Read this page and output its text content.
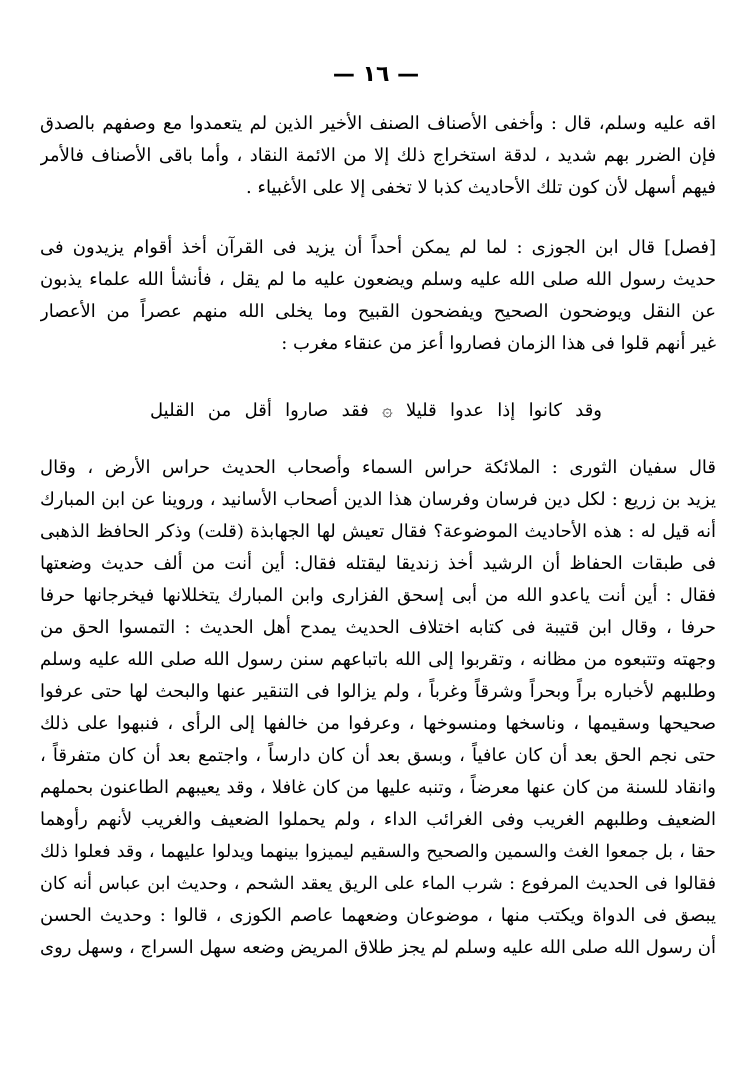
— ١٦ —
اقه عليه وسلم، قال : وأخفى الأصناف الصنف الأخير الذين لم يتعمدوا مع وصفهم بالصدق
فإن الضرر بهم شديد ، لدقة استخراج ذلك إلا من الائمة النقاد ، وأما باقى الأصناف فالأمر
فيهم أسهل لأن كون تلك الأحاديث كذبا لا تخفى إلا على الأغبياء .
[فصل] قال ابن الجوزى : لما لم يمكن أحداً أن يزيد فى القرآن أخذ أقوام يزيدون فى
حديث رسول الله صلى الله عليه وسلم ويضعون عليه ما لم يقل ، فأنشأ الله علماء يذبون
عن النقل ويوضحون الصحيح ويفضحون القبيح وما يخلى الله منهم عصراً من الأعصار
غير أنهم قلوا فى هذا الزمان فصاروا أعز من عنقاء مغرب :
وقد كانوا إذا عدوا قليلا ۞ فقد صاروا أقل من القليل
قال سفيان الثورى : الملائكة حراس السماء وأصحاب الحديث حراس الأرض ، وقال
يزيد بن زريع : لكل دين فرسان وفرسان هذا الدين أصحاب الأسانيد ، وروينا عن ابن المبارك
أنه قيل له : هذه الأحاديث الموضوعة؟ فقال تعيش لها الجهابذة (قلت) وذكر الحافظ الذهبى
فى طبقات الحفاظ أن الرشيد أخذ زنديقا ليقتله فقال: أين أنت من ألف حديث وضعتها
فقال : أين أنت ياعدو الله من أبى إسحق الفزارى وابن المبارك يتخللانها فيخرجانها حرفا
حرفا ، وقال ابن قتيبة فى كتابه اختلاف الحديث يمدح أهل الحديث : التمسوا الحق من
وجهته وتتبعوه من مظانه ، وتقربوا إلى الله باتباعهم سنن رسول الله صلى الله عليه وسلم
وطلبهم لأخباره براً وبحراً وشرقاً وغرباً ، ولم يزالوا فى التنقير عنها والبحث لها حتى عرفوا
صحيحها وسقيمها ، وناسخها ومنسوخها ، وعرفوا من خالفها إلى الرأى ، فنبهوا على ذلك
حتى نجم الحق بعد أن كان عافياً ، وبسق بعد أن كان دارساً ، واجتمع بعد أن كان متفرقاً ،
وانقاد للسنة من كان عنها معرضاً ، وتنبه عليها من كان غافلا ، وقد يعيبهم الطاعنون بحملهم
الضعيف وطلبهم الغريب وفى الغرائب الداء ، ولم يحملوا الضعيف والغريب لأنهم رأوهما
حقا ، بل جمعوا الغث والسمين والصحيح والسقيم ليميزوا بينهما ويدلوا عليهما ، وقد فعلوا ذلك
فقالوا فى الحديث المرفوع : شرب الماء على الريق يعقد الشحم ، وحديث ابن عباس أنه كان
يبصق فى الدواة ويكتب منها ، موضوعان وضعهما عاصم الكوزى ، قالوا : وحديث الحسن
أن رسول الله صلى الله عليه وسلم لم يجز طلاق المريض وضعه سهل السراج ، وسهل روى
